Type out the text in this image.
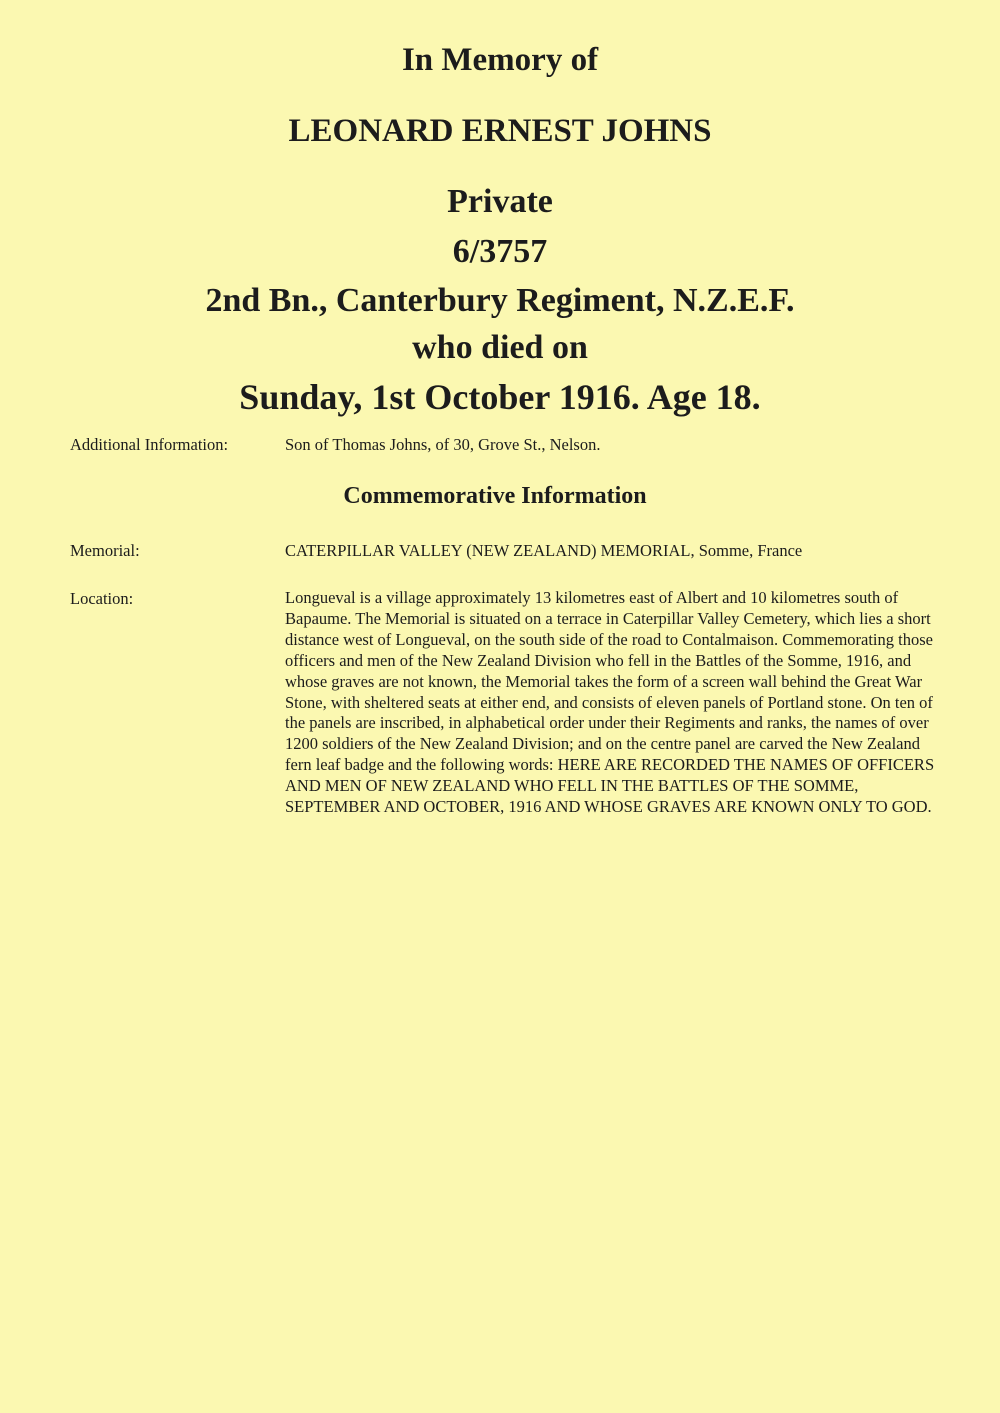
In Memory of
LEONARD ERNEST JOHNS
Private
6/3757
2nd Bn., Canterbury Regiment, N.Z.E.F.
who died on
Sunday, 1st October 1916. Age 18.
Additional Information:	Son of Thomas Johns, of 30, Grove St., Nelson.
Commemorative Information
Memorial:	CATERPILLAR VALLEY (NEW ZEALAND) MEMORIAL, Somme, France
Location:	Longueval is a village approximately 13 kilometres east of Albert and 10 kilometres south of Bapaume. The Memorial is situated on a terrace in Caterpillar Valley Cemetery, which lies a short distance west of Longueval, on the south side of the road to Contalmaison. Commemorating those officers and men of the New Zealand Division who fell in the Battles of the Somme, 1916, and whose graves are not known, the Memorial takes the form of a screen wall behind the Great War Stone, with sheltered seats at either end, and consists of eleven panels of Portland stone. On ten of the panels are inscribed, in alphabetical order under their Regiments and ranks, the names of over 1200 soldiers of the New Zealand Division; and on the centre panel are carved the New Zealand fern leaf badge and the following words: HERE ARE RECORDED THE NAMES OF OFFICERS AND MEN OF NEW ZEALAND WHO FELL IN THE BATTLES OF THE SOMME, SEPTEMBER AND OCTOBER, 1916 AND WHOSE GRAVES ARE KNOWN ONLY TO GOD.
